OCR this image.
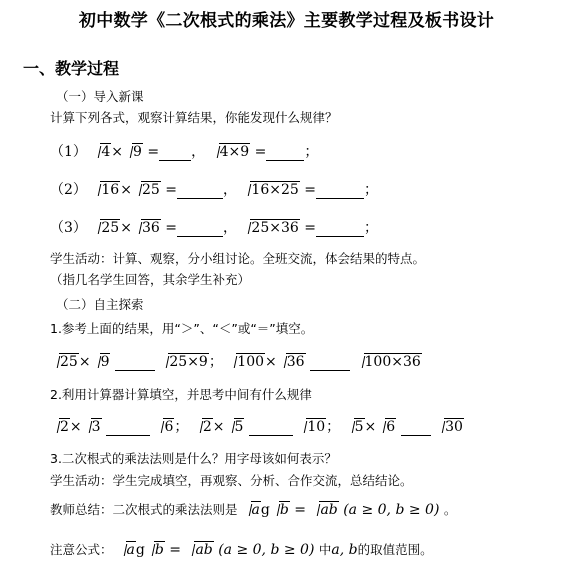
初中数学《二次根式的乘法》主要教学过程及板书设计
一、教学过程
（一）导入新课
计算下列各式，观察计算结果，你能发现什么规律？
（1） 4× 9 = ， 4×9 =	；
（2） 16× 25 =	， 16×25 =	；
（3） 25× 36 =	， 25×36 =	；
学生活动：计算、观察，分小组讨论。全班交流，体会结果的特点。
（指几名学生回答，其余学生补充）
（二）自主探索
1.参考上面的结果，用“＞”、“＜”或“＝”填空。
25× 9	25×9； 100× 36	100×36
2.利用计算器计算填空，并思考中间有什么规律
2× 3	6； 2× 5	10； 5× 6	30
3.二次根式的乘法法则是什么？用字母该如何表示？
学生活动：学生完成填空，再观察、分析、合作交流，总结结论。
教师总结：二次根式的乘法法则是 ag b = ab (a ≥ 0, b ≥ 0) 。
注意公式： ag b = ab (a ≥ 0, b ≥ 0) 中a, b的取值范围。
